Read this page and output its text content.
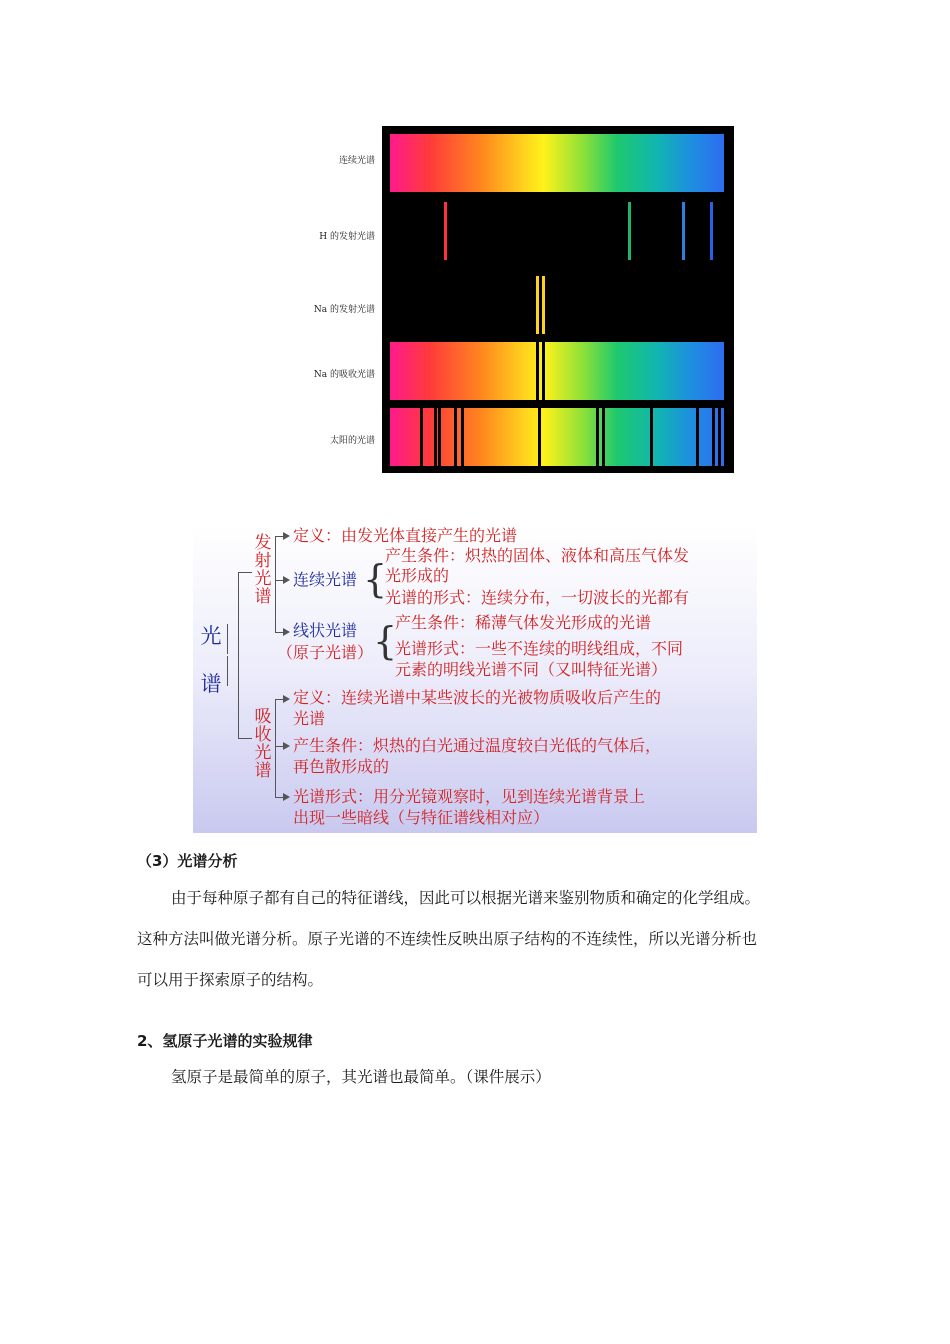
连续光谱
H 的发射光谱
Na 的发射光谱
Na 的吸收光谱
太阳的光谱
光谱
发射光谱
定义：由发光体直接产生的光谱
连续光谱 {
产生条件：炽热的固体、液体和高压气体发
光形成的
光谱的形式：连续分布，一切波长的光都有
线状光谱
（原子光谱） {
产生条件：稀薄气体发光形成的光谱
光谱形式：一些不连续的明线组成，不同
元素的明线光谱不同（又叫特征光谱）
吸收光谱
定义：连续光谱中某些波长的光被物质吸收后产生的
光谱
产生条件：炽热的白光通过温度较白光低的气体后，
再色散形成的
光谱形式：用分光镜观察时，见到连续光谱背景上
出现一些暗线（与特征谱线相对应）
（3）光谱分析
由于每种原子都有自己的特征谱线，因此可以根据光谱来鉴别物质和确定的化学组成。
这种方法叫做光谱分析。原子光谱的不连续性反映出原子结构的不连续性，所以光谱分析也
可以用于探索原子的结构。
2、氢原子光谱的实验规律
氢原子是最简单的原子，其光谱也最简单。（课件展示）
